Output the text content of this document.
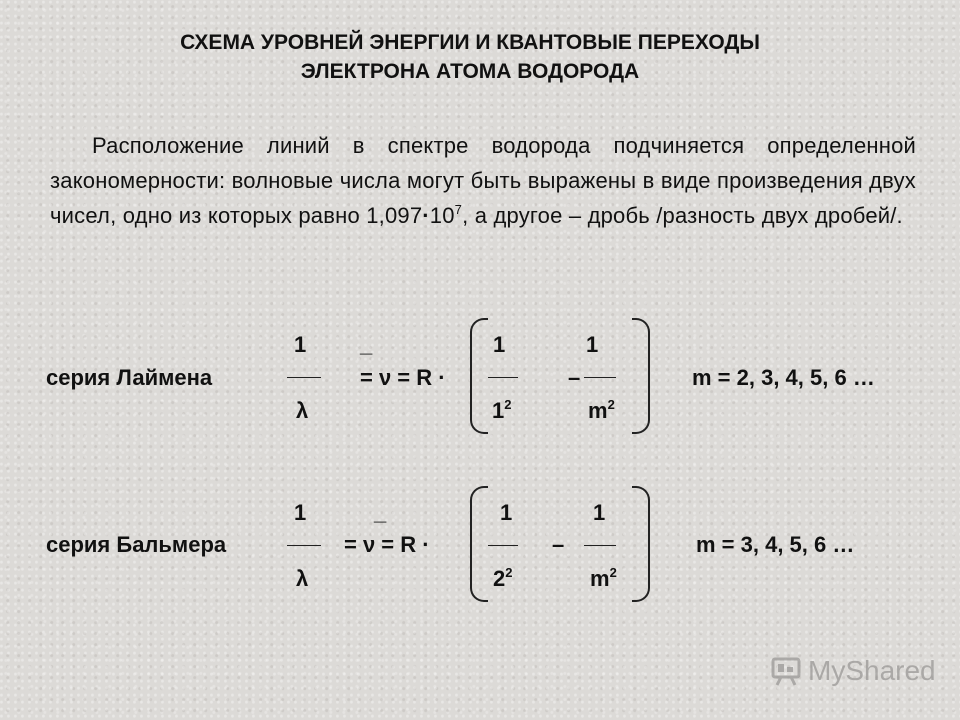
СХЕМА УРОВНЕЙ ЭНЕРГИИ И КВАНТОВЫЕ ПЕРЕХОДЫ
ЭЛЕКТРОНА АТОМА ВОДОРОДА
Расположение линий в спектре водорода подчиняется определенной закономерности: волновые числа могут быть выражены в виде произведения двух чисел, одно из которых равно $1,097\cdot 10^7$, а другое – дробь /разность двух дробей/.
1 _	1	1
серия Лаймена	= ν = R ·	–	m = 2, 3, 4, 5, 6 …
λ	$1^2$	$m^2$
1	_	1	1
серия Бальмера	= ν = R ·	–	m = 3, 4, 5, 6 …
λ	$2^2$	$m^2$
MyShared
